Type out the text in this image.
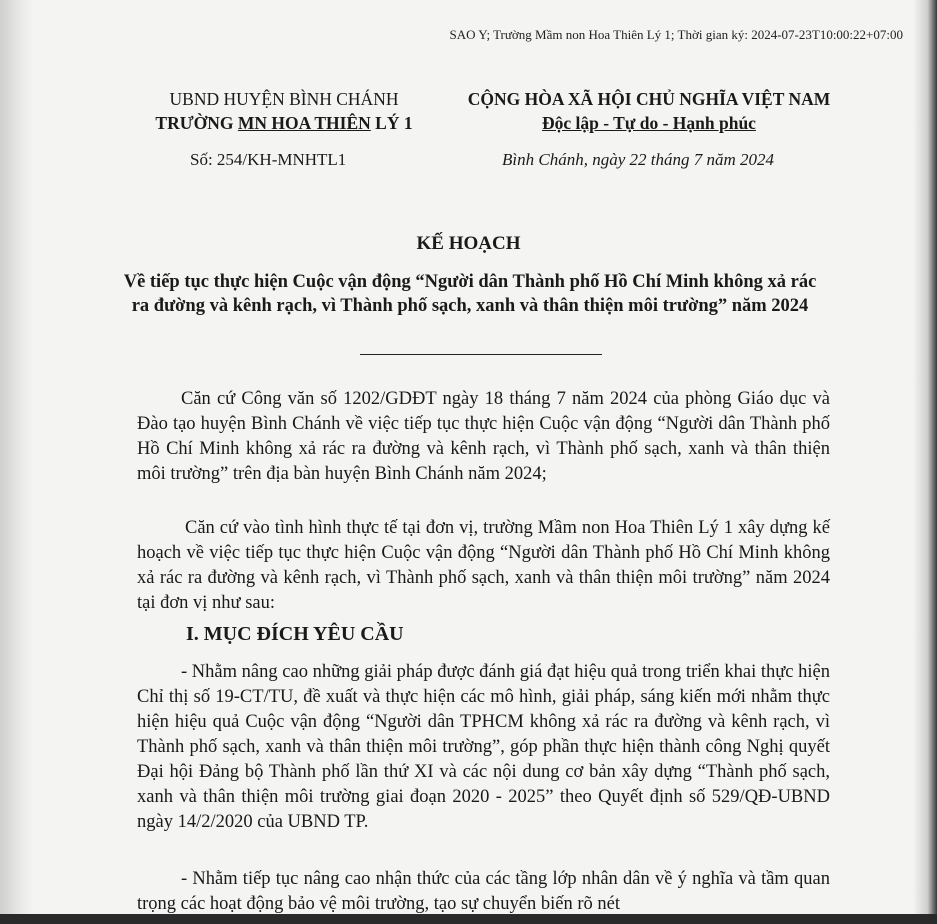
SAO Y; Trường Mầm non Hoa Thiên Lý 1; Thời gian ký: 2024-07-23T10:00:22+07:00
UBND HUYỆN BÌNH CHÁNH
TRƯỜNG MN HOA THIÊN LÝ 1
CỘNG HÒA XÃ HỘI CHỦ NGHĨA VIỆT NAM
Độc lập - Tự do - Hạnh phúc
Số: 254/KH-MNHTL1	Bình Chánh, ngày 22 tháng 7 năm 2024
KẾ HOẠCH
Về tiếp tục thực hiện Cuộc vận động “Người dân Thành phố Hồ Chí Minh không xả rác ra đường và kênh rạch, vì Thành phố sạch, xanh và thân thiện môi trường” năm 2024
Căn cứ Công văn số 1202/GDĐT ngày 18 tháng 7 năm 2024 của phòng Giáo dục và Đào tạo huyện Bình Chánh về việc tiếp tục thực hiện Cuộc vận động “Người dân Thành phố Hồ Chí Minh không xả rác ra đường và kênh rạch, vì Thành phố sạch, xanh và thân thiện môi trường” trên địa bàn huyện Bình Chánh năm 2024;
Căn cứ vào tình hình thực tế tại đơn vị, trường Mầm non Hoa Thiên Lý 1 xây dựng kế hoạch về việc tiếp tục thực hiện Cuộc vận động “Người dân Thành phố Hồ Chí Minh không xả rác ra đường và kênh rạch, vì Thành phố sạch, xanh và thân thiện môi trường” năm 2024 tại đơn vị như sau:
I. MỤC ĐÍCH YÊU CẦU
- Nhằm nâng cao những giải pháp được đánh giá đạt hiệu quả trong triển khai thực hiện Chỉ thị số 19-CT/TU, đề xuất và thực hiện các mô hình, giải pháp, sáng kiến mới nhằm thực hiện hiệu quả Cuộc vận động “Người dân TPHCM không xả rác ra đường và kênh rạch, vì Thành phố sạch, xanh và thân thiện môi trường”, góp phần thực hiện thành công Nghị quyết Đại hội Đảng bộ Thành phố lần thứ XI và các nội dung cơ bản xây dựng “Thành phố sạch, xanh và thân thiện môi trường giai đoạn 2020 - 2025” theo Quyết định số 529/QĐ-UBND ngày 14/2/2020 của UBND TP.
- Nhằm tiếp tục nâng cao nhận thức của các tầng lớp nhân dân về ý nghĩa và tầm quan trọng các hoạt động bảo vệ môi trường, tạo sự chuyển biến rõ nét
